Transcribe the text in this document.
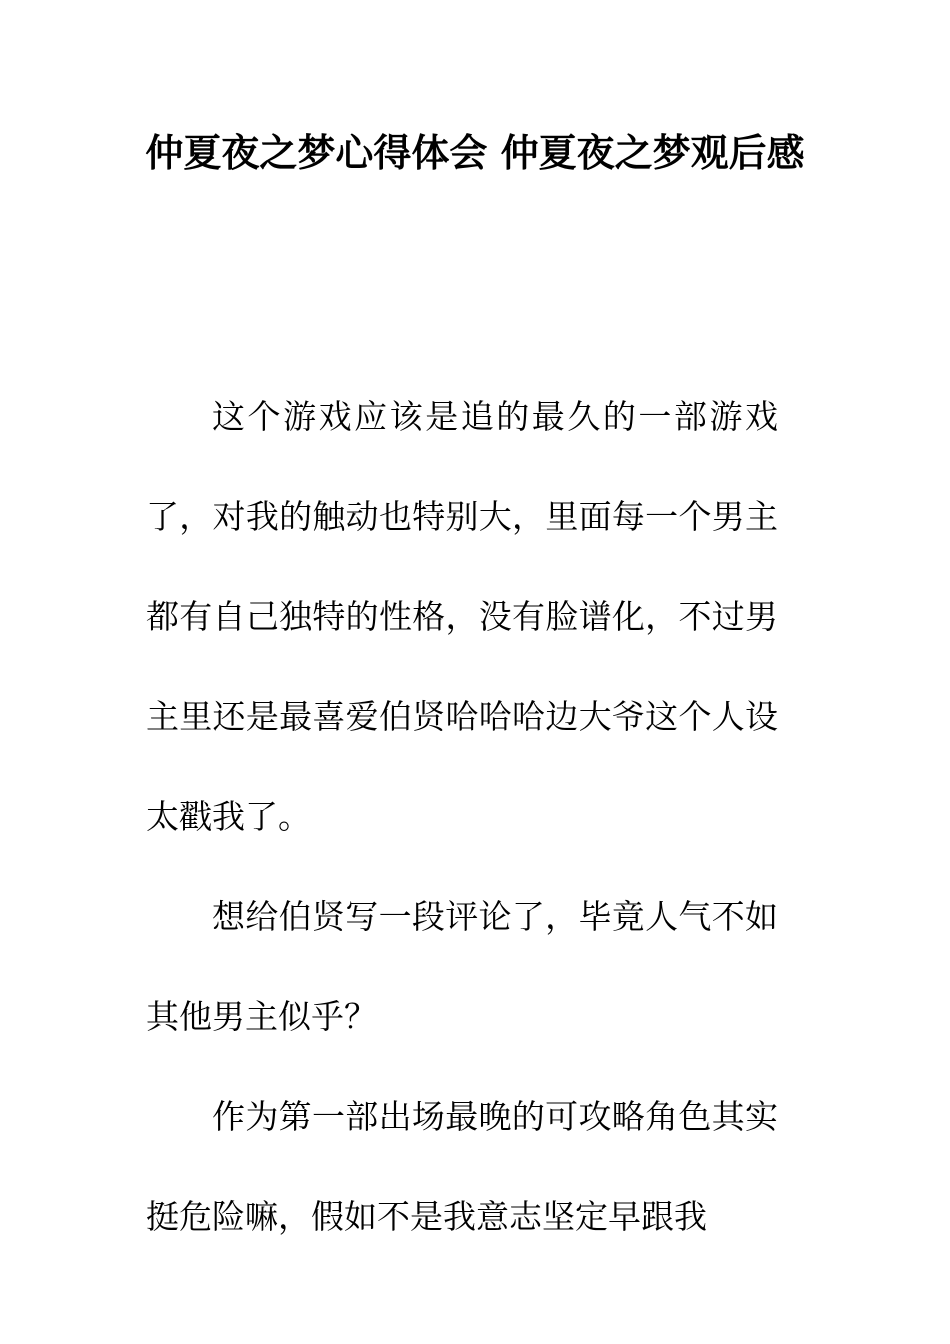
仲夏夜之梦心得体会 仲夏夜之梦观后感

这个游戏应该是追的最久的一部游戏了，对我的触动也特别大，里面每一个男主都有自己独特的性格，没有脸谱化，不过男主里还是最喜爱伯贤哈哈哈边大爷这个人设太戳我了。

想给伯贤写一段评论了，毕竟人气不如其他男主似乎？

作为第一部出场最晚的可攻略角色其实挺危险嘛，假如不是我意志坚定早跟我
